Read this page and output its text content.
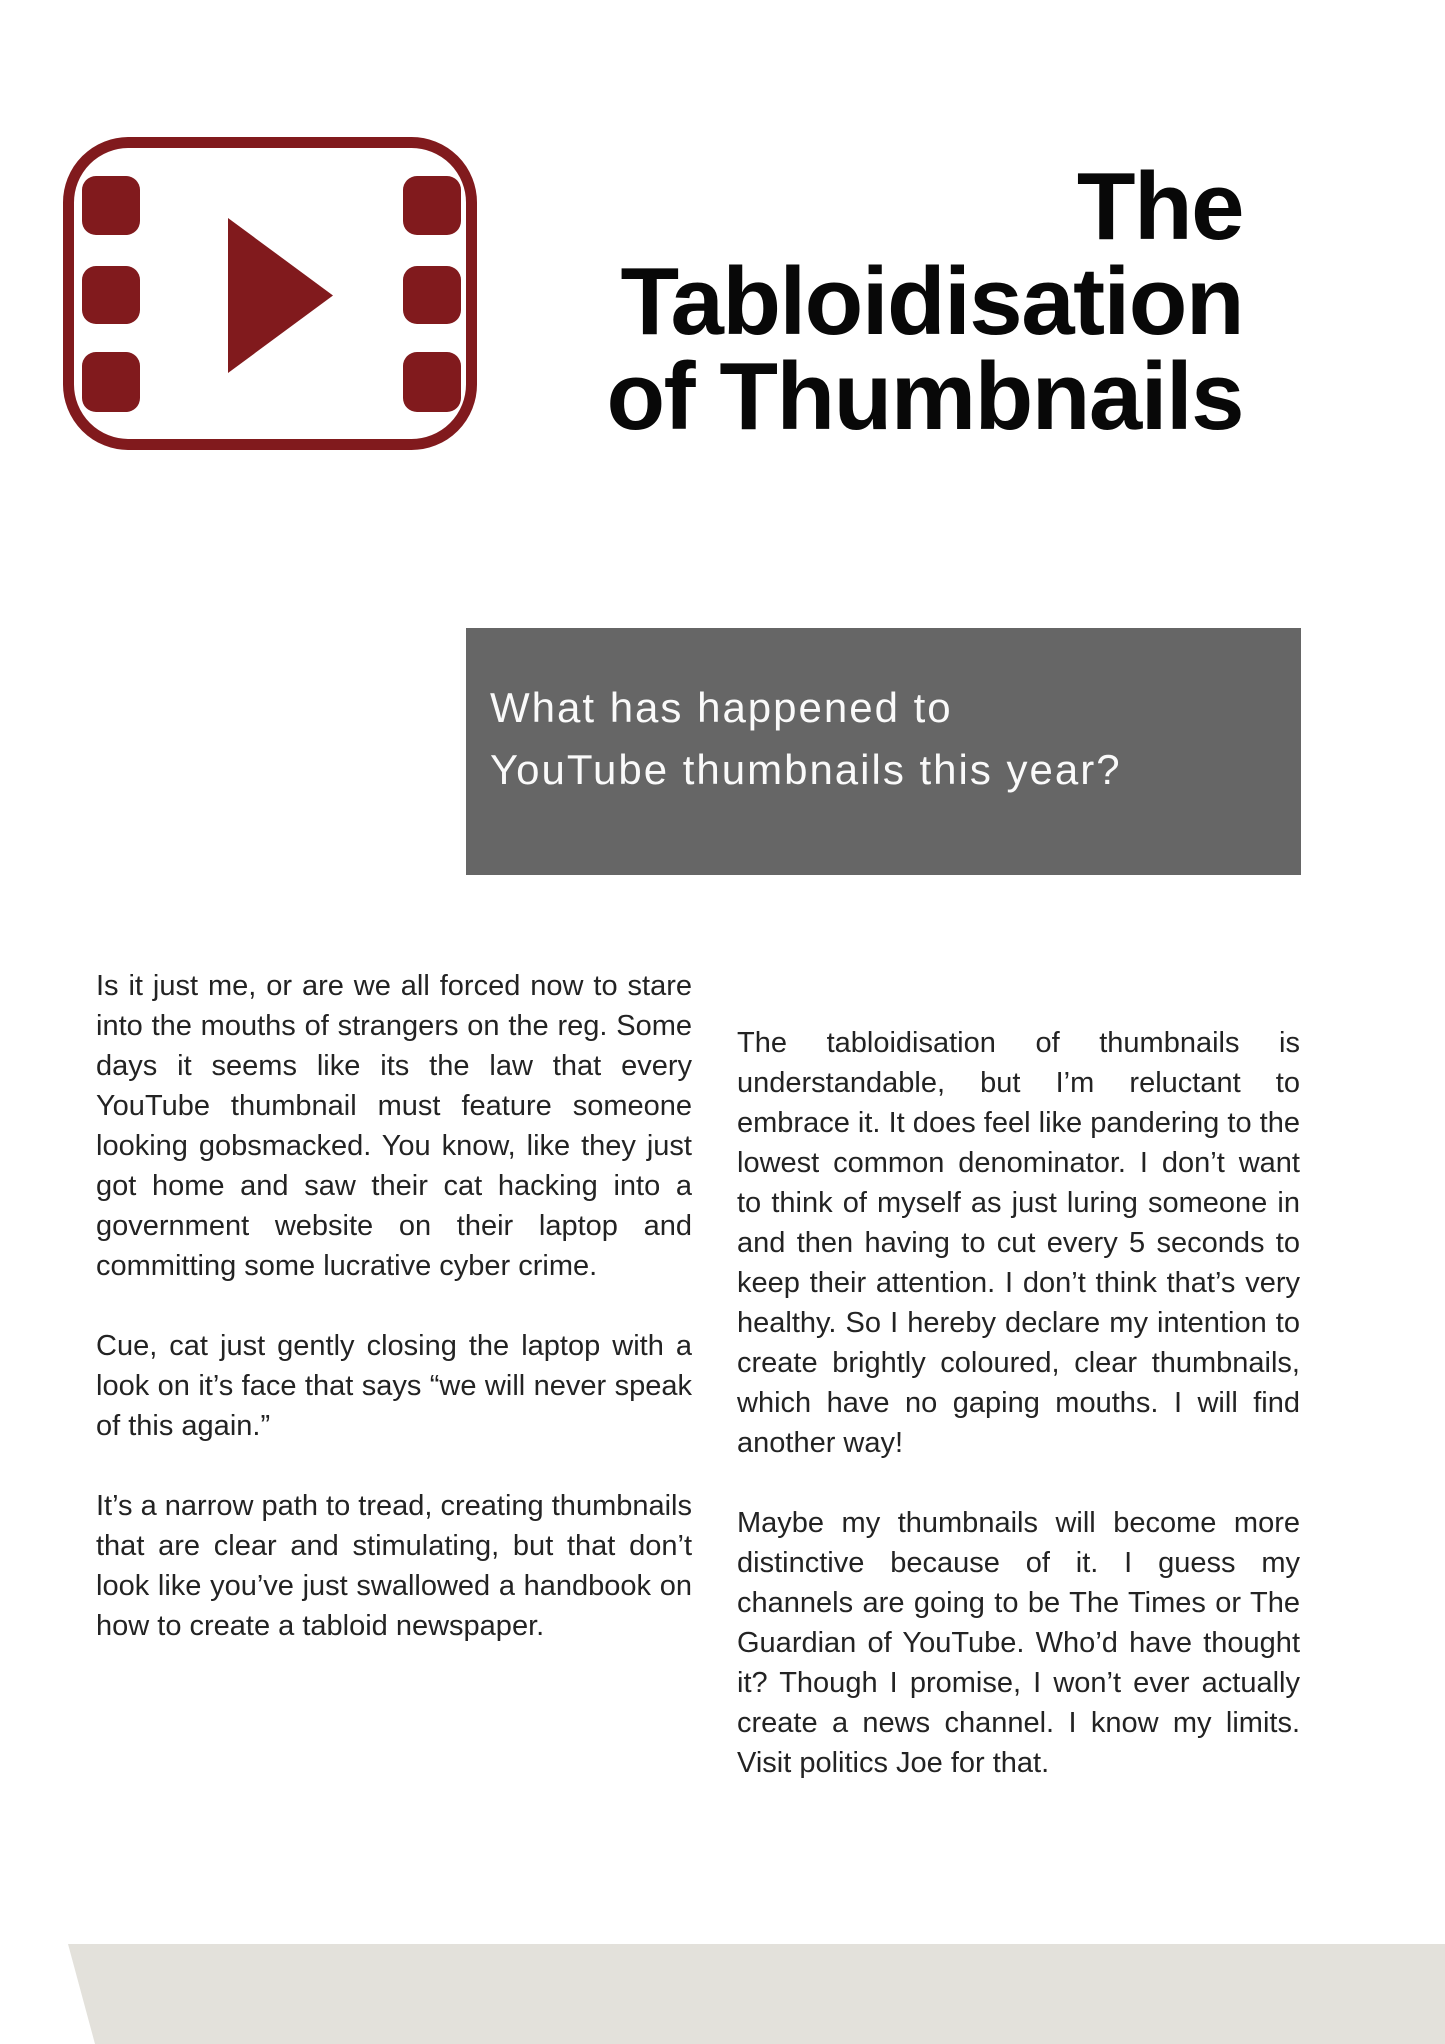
The
Tabloidisation
of Thumbnails
What has happened to
YouTube thumbnails this year?

Is it just me, or are we all forced now to stare into the mouths of strangers on the reg. Some days it seems like its the law that every YouTube thumbnail must feature someone looking gobsmacked. You know, like they just got home and saw their cat hacking into a government website on their laptop and committing some lucrative cyber crime.

Cue, cat just gently closing the laptop with a look on it’s face that says “we will never speak of this again.”

It’s a narrow path to tread, creating thumbnails that are clear and stimulating, but that don’t look like you’ve just swallowed a handbook on how to create a tabloid newspaper.

The tabloidisation of thumbnails is understandable, but I’m reluctant to embrace it. It does feel like pandering to the lowest common denominator. I don’t want to think of myself as just luring someone in and then having to cut every 5 seconds to keep their attention. I don’t think that’s very healthy. So I hereby declare my intention to create brightly coloured, clear thumbnails, which have no gaping mouths. I will find another way!

Maybe my thumbnails will become more distinctive because of it. I guess my channels are going to be The Times or The Guardian of YouTube. Who’d have thought it? Though I promise, I won’t ever actually create a news channel. I know my limits. Visit politics Joe for that.
